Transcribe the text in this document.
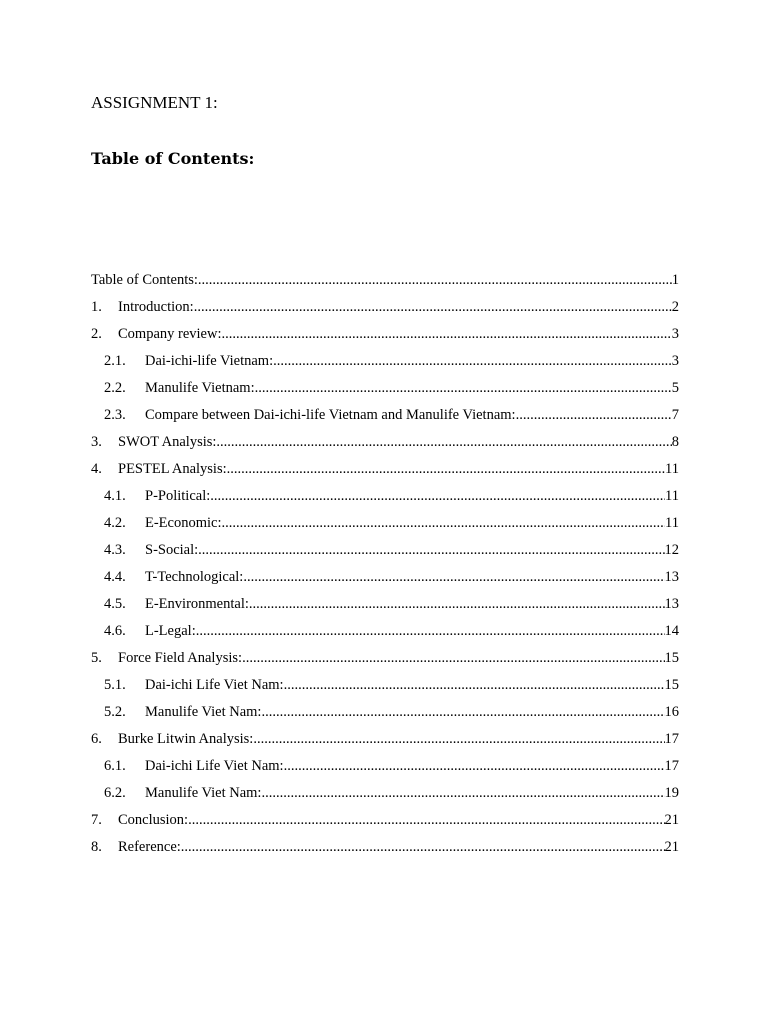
ASSIGNMENT 1:
Table of Contents:
Table of Contents: .....	1
1.	Introduction: .....	2
2.	Company review: .....	3
2.1.	Dai-ichi-life Vietnam: .....	3
2.2.	Manulife Vietnam: .....	5
2.3.	Compare between Dai-ichi-life Vietnam and Manulife Vietnam: .....	7
3.	SWOT Analysis: .....	8
4.	PESTEL Analysis: .....	11
4.1.	P-Political: .....	11
4.2.	E-Economic: .....	11
4.3.	S-Social: .....	12
4.4.	T-Technological: .....	13
4.5.	E-Environmental: .....	13
4.6.	L-Legal: .....	14
5.	Force Field Analysis: .....	15
5.1.	Dai-ichi Life Viet Nam: .....	15
5.2.	Manulife Viet Nam: .....	16
6.	Burke Litwin Analysis: .....	17
6.1.	Dai-ichi Life Viet Nam: .....	17
6.2.	Manulife Viet Nam: .....	19
7.	Conclusion: .....	21
8.	Reference: .....	21
